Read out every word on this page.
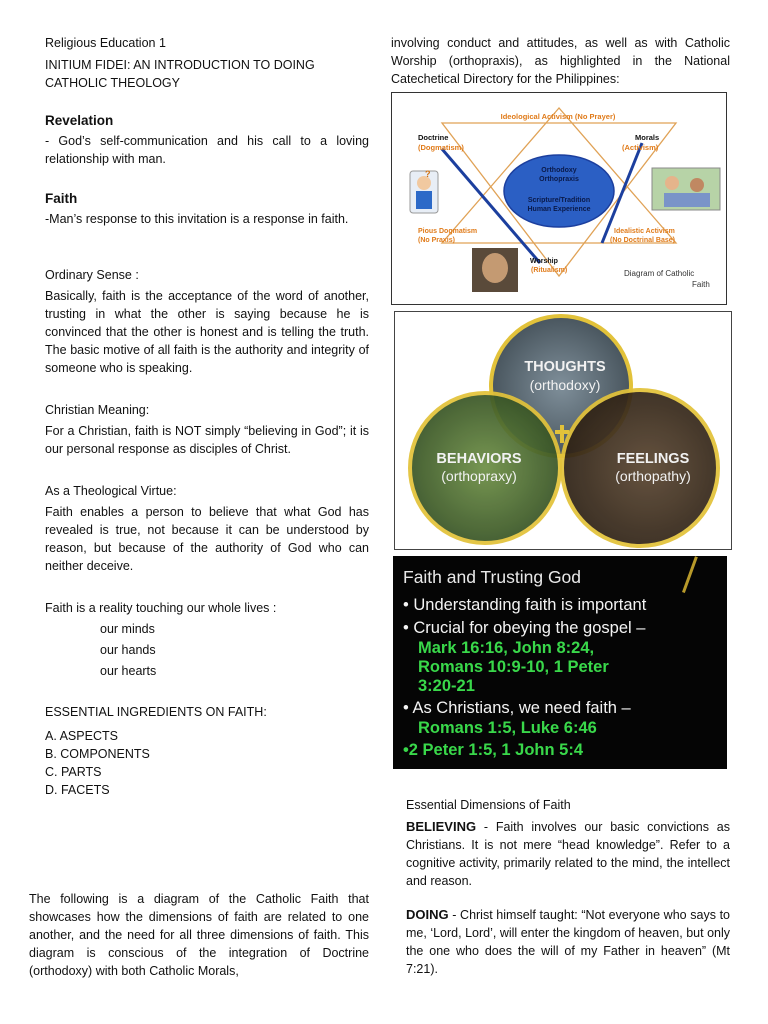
Religious Education 1

INITIUM FIDEI: AN INTRODUCTION TO DOING CATHOLIC THEOLOGY

Revelation

- God’s self-communication and his call to a loving relationship with man.

Faith

-Man’s response to this invitation is a response in faith.

Ordinary Sense :

Basically, faith is the acceptance of the word of another, trusting in what the other is saying because he is convinced that the other is honest and is telling the truth. The basic motive of all faith is the authority and integrity of someone who is speaking.

Christian Meaning:

For a Christian, faith is NOT simply “believing in God”; it is our personal response as disciples of Christ.

As a Theological Virtue:

Faith enables a person to believe that what God has revealed is true, not because it can be understood by reason, but because of the authority of God who can neither deceive.

Faith is a reality touching our whole lives :

our minds

our hands

our hearts

ESSENTIAL INGREDIENTS ON FAITH:

A. ASPECTS

B. COMPONENTS

C. PARTS

D. FACETS

The following is a diagram of the Catholic Faith that showcases how the dimensions of faith are related to one another, and the need for all three dimensions of faith. This diagram is conscious of the integration of Doctrine (orthodoxy) with both Catholic Morals,

involving conduct and attitudes, as well as with Catholic Worship (orthopraxis), as highlighted in the National Catechetical Directory for the Philippines:

Ideological Activism (No Prayer)
Doctrine
(Dogmatism)
Morals
(Activism)
Orthodoxy
Orthopraxis
Scripture/Tradition
Human Experience
Pious Dogmatism
(No Praxis)
Idealistic Activism
(No Doctrinal Base)
Worship
(Ritualism)	Diagram of Catholic
Faith
?
THOUGHTS
(orthodoxy)
BEHAVIORS
(orthopraxy)
FEELINGS
(orthopathy)
Faith and Trusting God
• Understanding faith is important
• Crucial for obeying the gospel –
Mark 16:16, John 8:24,
Romans 10:9-10, 1 Peter
3:20-21
• As Christians, we need faith –
Romans 1:5, Luke 6:46
•2 Peter 1:5, 1 John 5:4

Essential Dimensions of Faith

BELIEVING - Faith involves our basic convictions as Christians. It is not mere “head knowledge”. Refer to a cognitive activity, primarily related to the mind, the intellect and reason.

DOING - Christ himself taught: “Not everyone who says to me, ‘Lord, Lord’, will enter the kingdom of heaven, but only the one who does the will of my Father in heaven” (Mt 7:21).
